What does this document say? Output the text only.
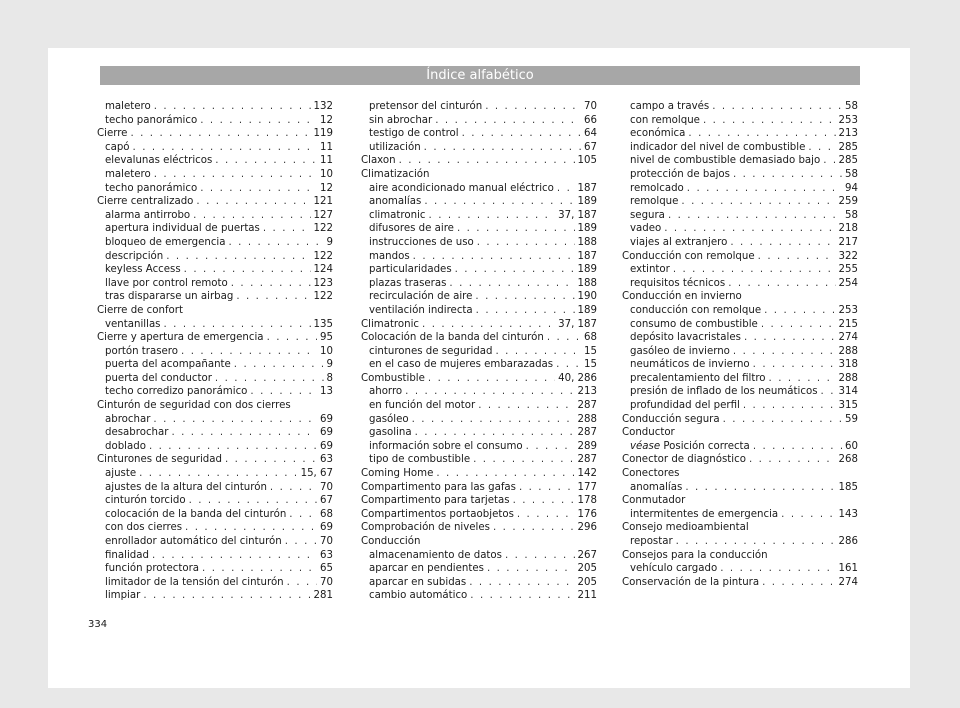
Índice alfabético
maletero . . .	132
techo panorámico . . .	12
Cierre . . .	119
capó . . .	11
elevalunas eléctricos . . .	11
maletero . . .	10
techo panorámico . . .	12
Cierre centralizado . . .	121
alarma antirrobo . . .	127
apertura individual de puertas . . .	122
bloqueo de emergencia . . .	9
descripción . . .	122
keyless Access . . .	124
llave por control remoto . . .	123
tras dispararse un airbag . . .	122
Cierre de confort
ventanillas . . .	135
Cierre y apertura de emergencia . . .	95
portón trasero . . .	10
puerta del acompañante . . .	9
puerta del conductor . . .	8
techo corredizo panorámico . . .	13
Cinturón de seguridad con dos cierres
abrochar . . .	69
desabrochar . . .	69
doblado . . .	69
Cinturones de seguridad . . .	63
ajuste . . .	15, 67
ajustes de la altura del cinturón . . .	70
cinturón torcido . . .	67
colocación de la banda del cinturón . . .	68
con dos cierres . . .	69
enrollador automático del cinturón . . .	70
finalidad . . .	63
función protectora . . .	65
limitador de la tensión del cinturón . . .	70
limpiar . . .	281
pretensor del cinturón . . .	70
sin abrochar . . .	66
testigo de control . . .	64
utilización . . .	67
Claxon . . .	105
Climatización
aire acondicionado manual eléctrico . . . 187
anomalías . . .	189
climatronic . . .	37, 187
difusores de aire . . .	189
instrucciones de uso . . .	188
mandos . . .	187
particularidades . . .	189
plazas traseras . . .	188
recirculación de aire . . .	190
ventilación indirecta . . .	189
Climatronic . . .	37, 187
Colocación de la banda del cinturón . . .	68
cinturones de seguridad . . .	15
en el caso de mujeres embarazadas . . .	15
Combustible . . .	40, 286
ahorro . . .	213
en función del motor . . .	287
gasóleo . . .	288
gasolina . . .	287
información sobre el consumo . . .	289
tipo de combustible . . .	287
Coming Home . . .	142
Compartimento para las gafas . . .	177
Compartimento para tarjetas . . .	178
Compartimentos portaobjetos . . .	176
Comprobación de niveles . . .	296
Conducción
almacenamiento de datos . . .	267
aparcar en pendientes . . .	205
aparcar en subidas . . .	205
cambio automático . . .	211
campo a través . . .	58
con remolque . . .	253
económica . . .	213
indicador del nivel de combustible . . .	285
nivel de combustible demasiado bajo . . . 285
protección de bajos . . .	58
remolcado . . .	94
remolque . . .	259
segura . . .	58
vadeo . . .	218
viajes al extranjero . . .	217
Conducción con remolque . . .	322
extintor . . .	255
requisitos técnicos . . .	254
Conducción en invierno
conducción con remolque . . .	253
consumo de combustible . . .	215
depósito lavacristales . . .	274
gasóleo de invierno . . .	288
neumáticos de invierno . . .	318
precalentamiento del filtro . . .	288
presión de inflado de los neumáticos . . . 314
profundidad del perfil . . .	315
Conducción segura . . .	59
Conductor
véase Posición correcta . . .	60
Conector de diagnóstico . . .	268
Conectores
anomalías . . .	185
Conmutador
intermitentes de emergencia . . .	143
Consejo medioambiental
repostar . . .	286
Consejos para la conducción
vehículo cargado . . .	161
Conservación de la pintura . . .	274
334
